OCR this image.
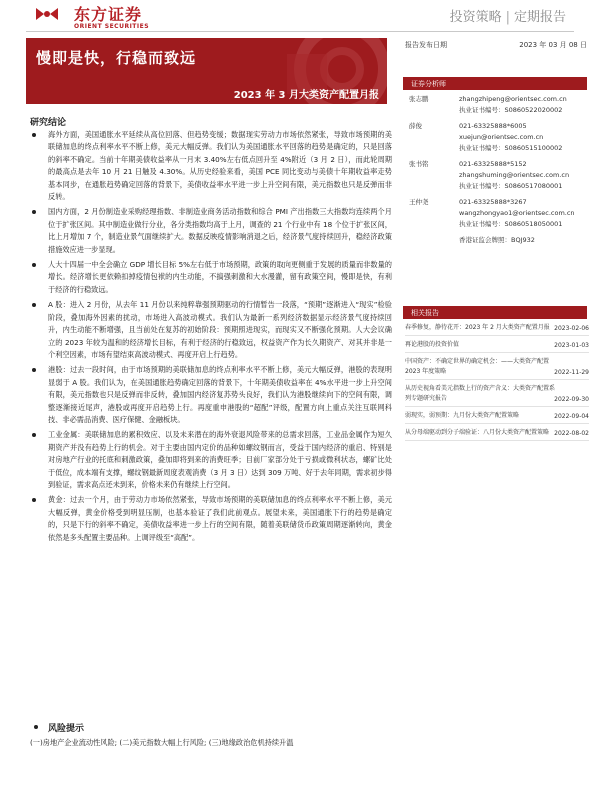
东方证券
ORIENT SECURITIES
投资策略 | 定期报告
慢即是快，行稳而致远
2023 年 3 月大类资产配置月报
报告发布日期	2023 年 03 月 08 日
证券分析师
张志鹏	zhangzhipeng@orientsec.com.cn
执业证书编号：S0860522020002
薛俊	021-63325888*6005
xuejun@orientsec.com.cn
执业证书编号：S0860515100002
张书铭	021-63325888*5152
zhangshuming@orientsec.com.cn
执业证书编号：S0860517080001
王仲尧	021-63325888*3267
wangzhongyao1@orientsec.com.cn
执业证书编号：S0860518050001
香港证监会牌照：BQJ932
相关报告
春季修复，静待花开：2023 年 2 月大类资产配置月报 2023-02-06
再论港股的投资价值	2023-01-03
中国资产：不确定世界的确定机会：——大类资产配置 2023 年度策略	2022-11-29
从历史视角看美元指数上行的资产含义：大类资产配置系列专题研究报告	2022-09-30
弱现实，弱预期：九月份大类资产配置策略	2022-09-04
从分母端驱动到分子端验证：八月份大类资产配置策略 2022-08-02
研究结论
海外方面，美国通胀水平延续从高位回落、但趋势变缓；数据现实劳动力市场依然紧张，导致市场预期的美联储加息的终点利率水平不断上修，美元大幅反弹。我们认为美国通胀水平回落的趋势是确定的，只是回落的斜率不确定。当前十年期美债收益率从一月末 3.40%左右低点回升至 4%附近（3 月 2 日），而此轮周期的最高点是去年 10 月 21 日触及 4.30%。从历史经验来看，美国 PCE 同比变动与美债十年期收益率走势基本同步，在通胀趋势确定回落的背景下，美债收益率水平进一步上升空间有限，美元指数也只是反弹而非反转。
国内方面，2 月份制造业采购经理指数、非制造业商务活动指数和综合 PMI 产出指数三大指数均连续两个月位于扩张区间。其中制造业做行分业，各分类指数均高于上月，调查的 21 个行业中有 18 个位于扩张区间，比上月增加 7 个，制造业景气面继续扩大。数据反映疫情影响消退之后，经济景气度持续回升，稳经济政策措施效应进一步显现。
人大十四届一中全会确立 GDP 增长目标 5%左右低于市场预期，政策的取向更侧重于发展的质量而非数量的增长。经济增长更依赖扣掉疫情包袱的内生动能，不搞强刺激和大水漫灌，留有政策空间，慢即是快，有利于经济的行稳致远。
A 股：进入 2 月份，从去年 11 月份以来纯粹靠强预期驱动的行情暂告一段落，“预期”逐渐进入“现实”检验阶段，叠加海外因素的扰动，市场进入高波动模式。我们认为最新一系列经济数据显示经济景气度持续回升，内生动能不断增强，且当前处在复苏的初始阶段：预期照进现实，而现实又不断强化预期。人大会议确立的 2023 年较为温和的经济增长目标，有利于经济的行稳致远，权益资产作为长久期资产、对其并非是一个利空因素，市场有望结束高波动模式、再度开启上行趋势。
港股：过去一段时间，由于市场预期的美联储加息的终点利率水平不断上修，美元大幅反弹，港股的表现明显弱于 A 股。我们认为，在美国通胀趋势确定回落的背景下，十年期美债收益率在 4%水平进一步上升空间有限，美元指数也只是反弹而非反转，叠加国内经济复苏势头良好，我们认为港股继续向下的空间有限，调整逐渐接近尾声，港股或再度开启趋势上行。再度重申港股的“超配”评级，配置方向上重点关注互联网科技、非必需品消费、医疗保健、金融板块。
工业金属：美联储加息的累积效应、以及未来潜在的海外衰退风险带来的总需求回落，工业品金属作为短久期资产并没有趋势上行的机会。对于主要由国内定价的品种如螺纹钢而言，受益于国内经济的重启、特别是对房地产行业的托底和刺激政策，叠加即将到来的消费旺季；目前厂家部分处于亏损或微利状态，螺矿比处于低位，成本端有支撑，螺纹钢最新周度表观消费（3 月 3 日）达到 309 万吨、好于去年同期，需求初步得到验证，需求高点还未到来，价格未来仍有继续上行空间。
黄金：过去一个月，由于劳动力市场依然紧张，导致市场预期的美联储加息的终点利率水平不断上修，美元大幅反弹，黄金价格受到明显压制，也基本验证了我们此前观点。展望未来，美国通胀下行的趋势是确定的，只是下行的斜率不确定，美债收益率进一步上行的空间有限，随着美联储货币政策周期逐渐转向，黄金依然是多头配置主要品种。上调评级至“高配”。
风险提示
(一)房地产企业流动性风险; (二)美元指数大幅上行风险; (三)地缘政治危机持续升温
